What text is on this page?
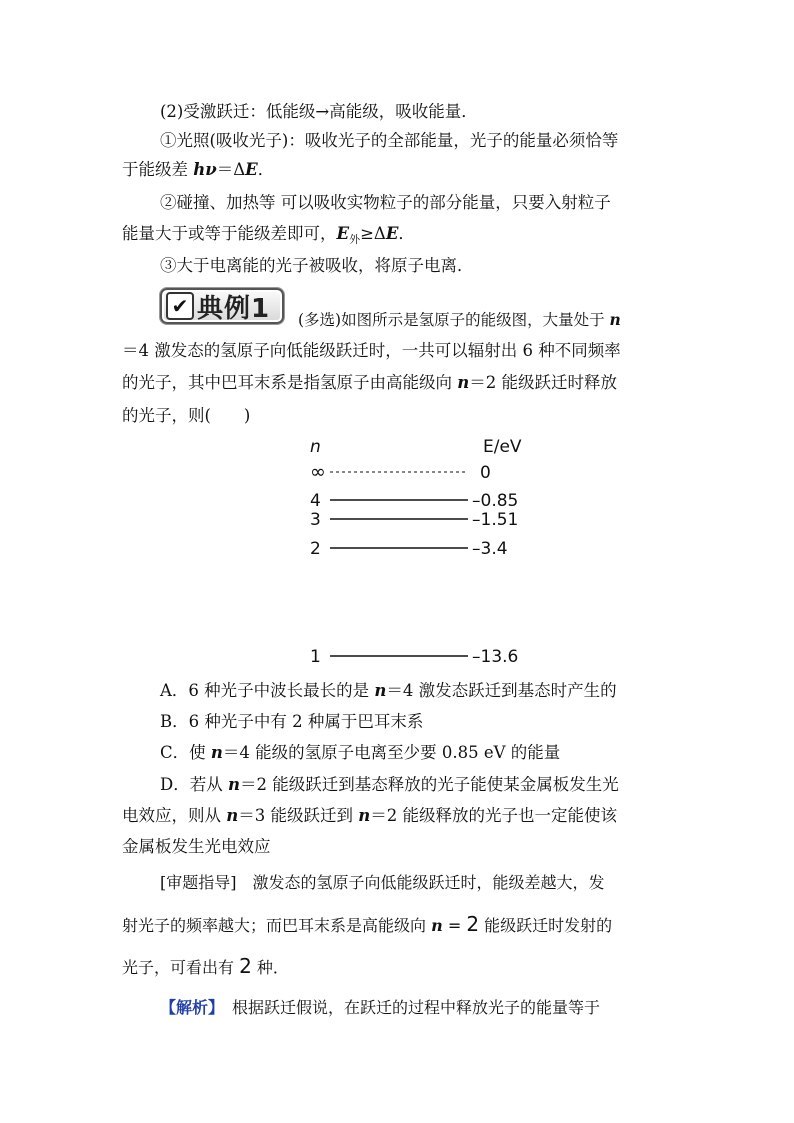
(2)受激跃迁：低能级→高能级，吸收能量．
①光照(吸收光子)：吸收光子的全部能量，光子的能量必须恰等
于能级差 hν＝ΔE．
②碰撞、加热等 可以吸收实物粒子的部分能量，只要入射粒子
能量大于或等于能级差即可，$E_外\ge\Delta E$．
③大于电离能的光子被吸收，将原子电离．
✔ 典例1 (多选)如图所示是氢原子的能级图，大量处于 n
＝4 激发态的氢原子向低能级跃迁时，一共可以辐射出 6 种不同频率
的光子，其中巴耳末系是指氢原子由高能级向 n＝2 能级跃迁时释放
的光子，则(　　)
n	E/eV
∞	0
4	–0.85
3	–1.51
2	–3.4
1	–13.6
A．6 种光子中波长最长的是 n＝4 激发态跃迁到基态时产生的
B．6 种光子中有 2 种属于巴耳末系
C．使 n＝4 能级的氢原子电离至少要 0.85 eV 的能量
D．若从 n＝2 能级跃迁到基态释放的光子能使某金属板发生光
电效应，则从 n＝3 能级跃迁到 n＝2 能级释放的光子也一定能使该
金属板发生光电效应
[审题指导]　激发态的氢原子向低能级跃迁时，能级差越大，发
射光子的频率越大；而巴耳末系是高能级向 n = 2 能级跃迁时发射的
光子，可看出有 2 种．
【解析】　根据跃迁假说，在跃迁的过程中释放光子的能量等于
